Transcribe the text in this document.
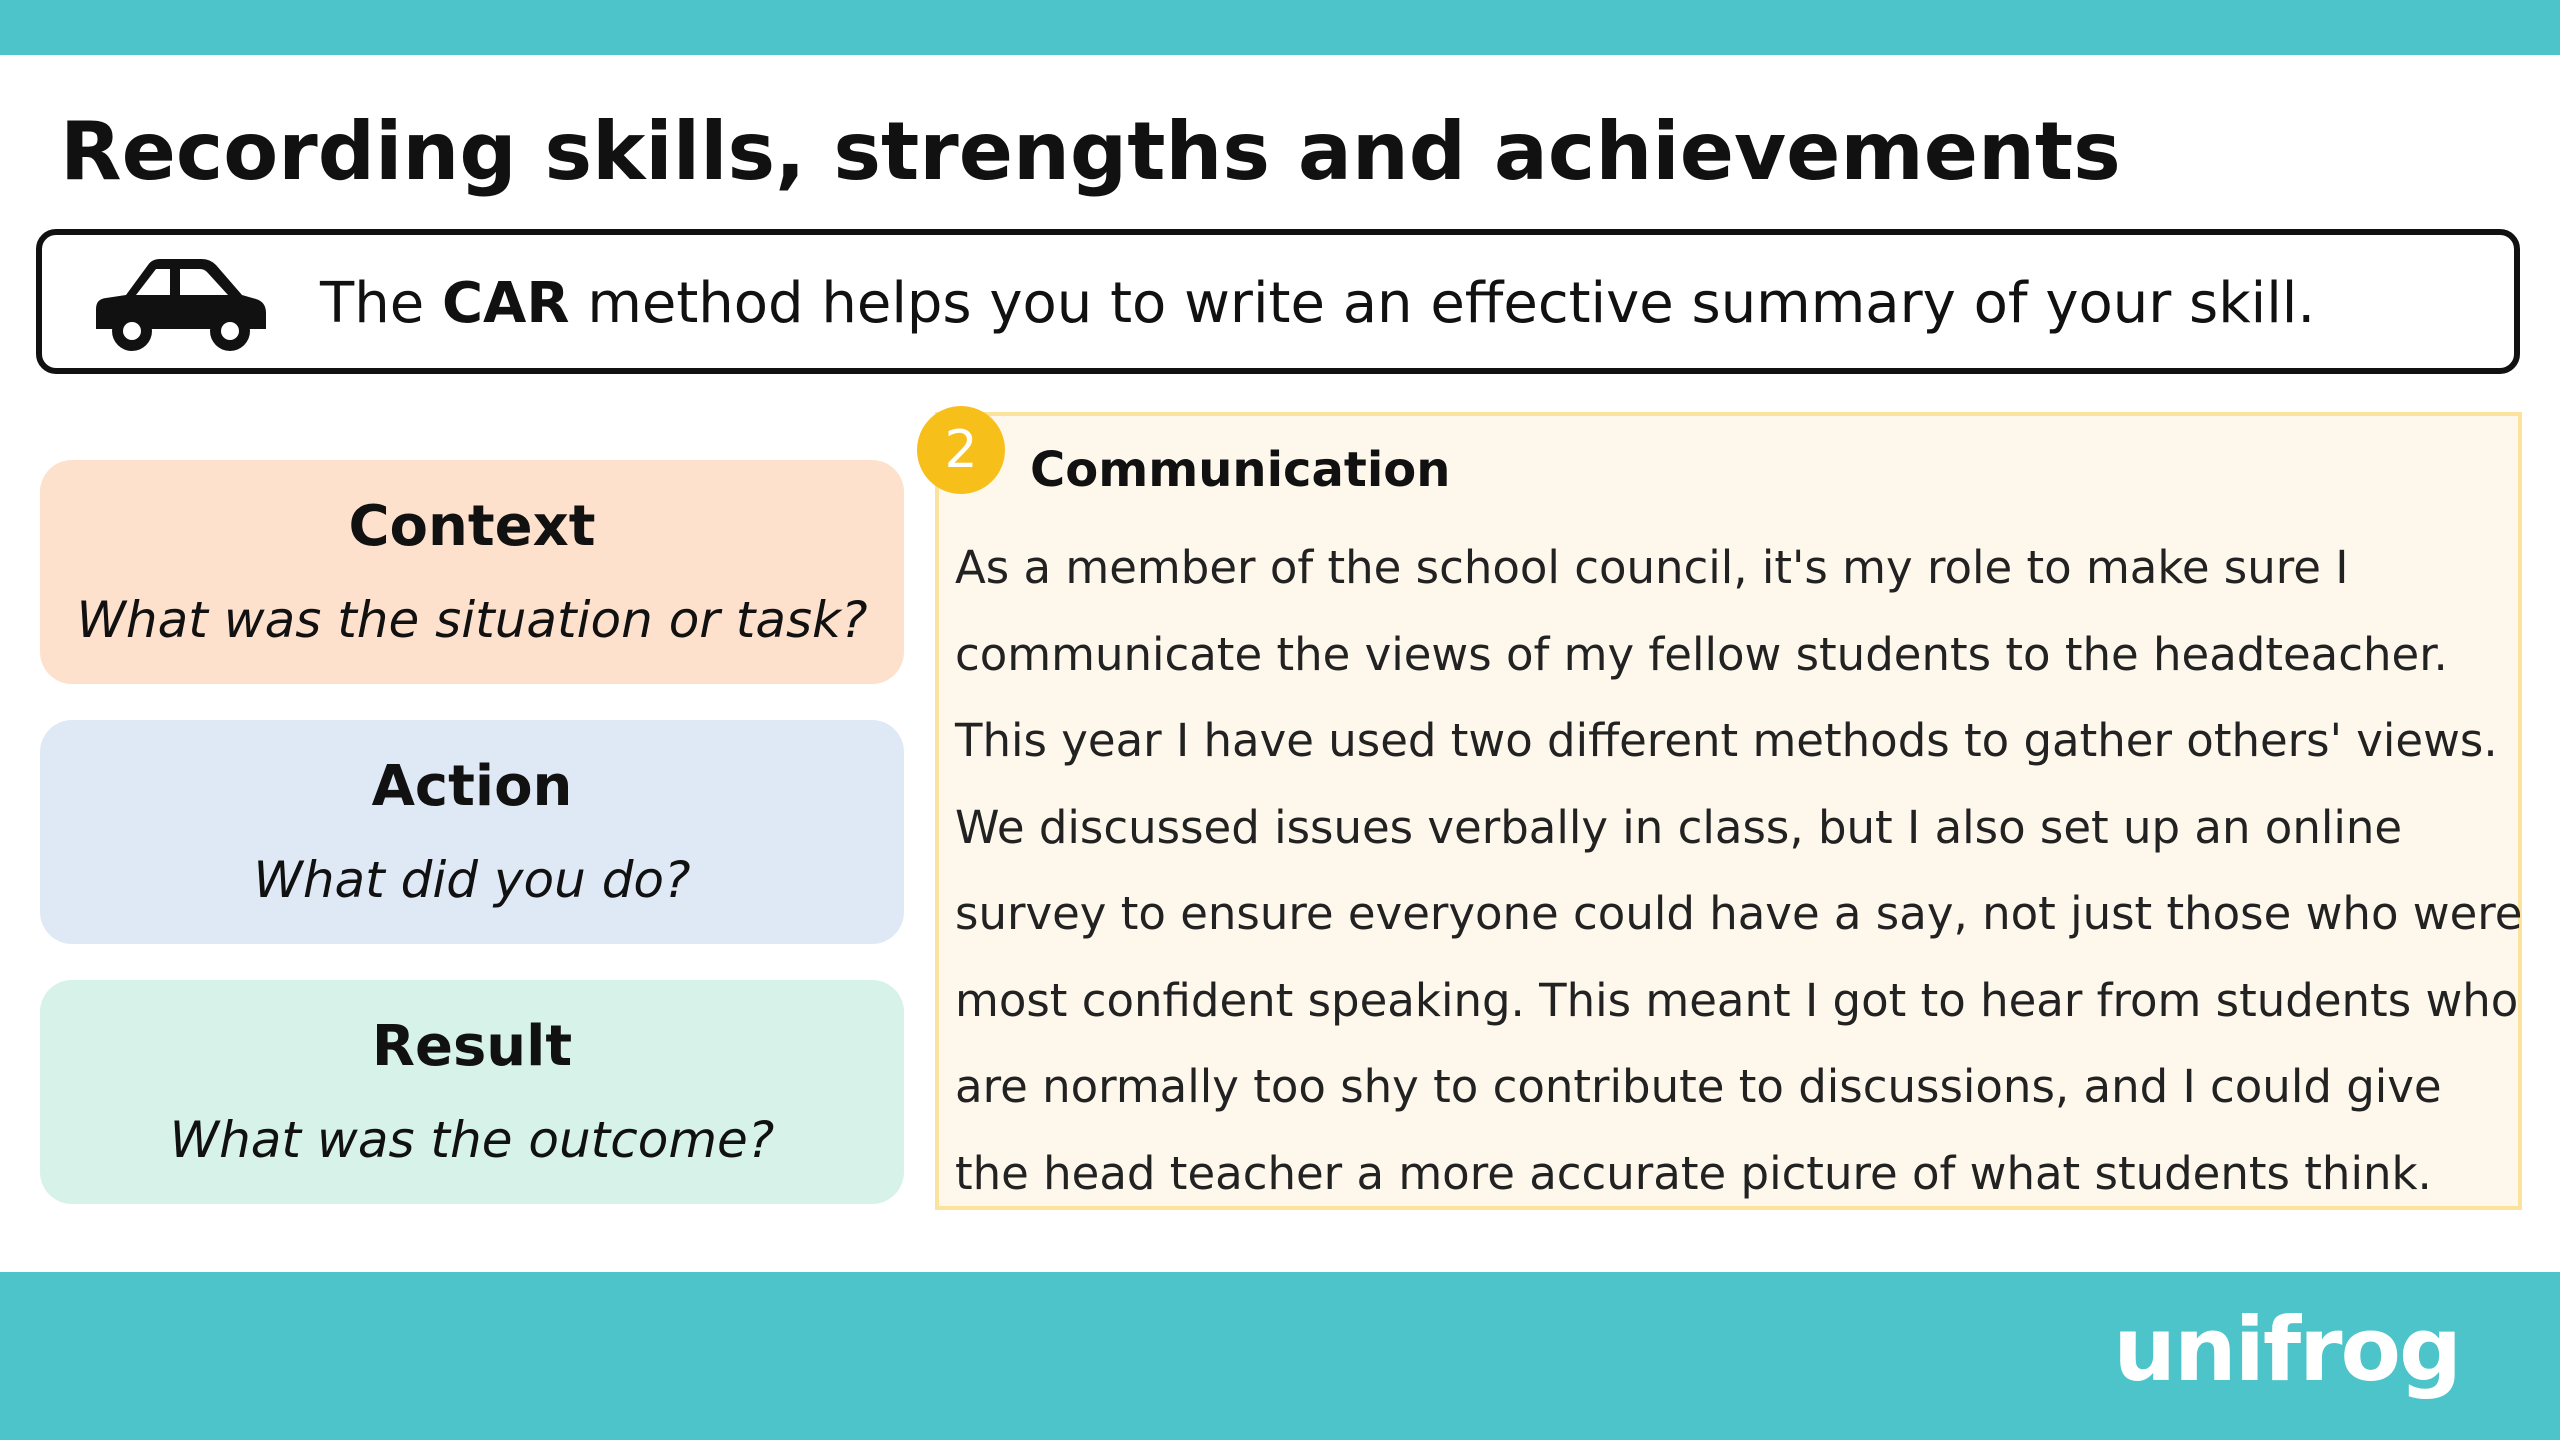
Recording skills, strengths and achievements
The CAR method helps you to write an effective summary of your skill.
Context
What was the situation or task?
Action
What did you do?
Result
What was the outcome?
2	Communication
As a member of the school council, it's my role to make sure I
communicate the views of my fellow students to the headteacher.
This year I have used two different methods to gather others' views.
We discussed issues verbally in class, but I also set up an online
survey to ensure everyone could have a say, not just those who were
most confident speaking. This meant I got to hear from students who
are normally too shy to contribute to discussions, and I could give
the head teacher a more accurate picture of what students think.
unifrog
